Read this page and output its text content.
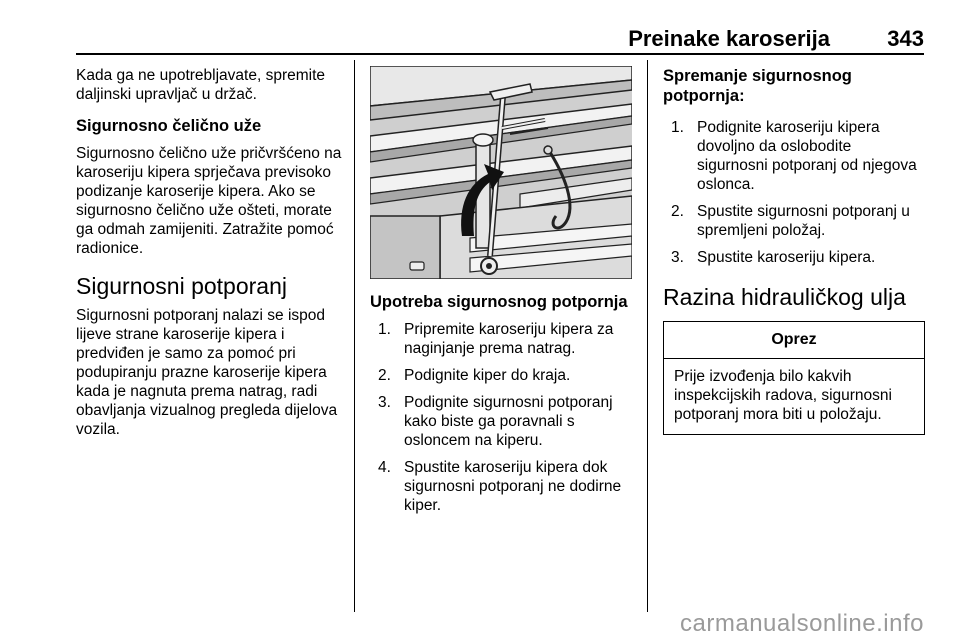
Preinake karoserija	343

Kada ga ne upotrebljavate, spremite daljinski upravljač u držač.

Sigurnosno čelično uže

Sigurnosno čelično uže pričvršćeno na karoseriju kipera sprječava previsoko podizanje karoserije kipera. Ako se sigurnosno čelično uže ošteti, morate ga odmah zamijeniti. Zatražite pomoć radionice.

Sigurnosni potporanj

Sigurnosni potporanj nalazi se ispod lijeve strane karoserije kipera i predviđen je samo za pomoć pri podupiranju prazne karoserije kipera kada je nagnuta prema natrag, radi obavljanja vizualnog pregleda dijelova vozila.

Upotreba sigurnosnog potpornja
1. Pripremite karoseriju kipera za naginjanje prema natrag.
2. Podignite kiper do kraja.
3. Podignite sigurnosni potporanj kako biste ga poravnali s osloncem na kiperu.
4. Spustite karoseriju kipera dok sigurnosni potporanj ne dodirne kiper.
Spremanje sigurnosnog potpornja:
1. Podignite karoseriju kipera dovoljno da oslobodite sigurnosni potporanj od njegova oslonca.
2. Spustite sigurnosni potporanj u spremljeni položaj.
3. Spustite karoseriju kipera.
Razina hidrauličkog ulja
Oprez
Prije izvođenja bilo kakvih inspekcijskih radova, sigurnosni potporanj mora biti u položaju.
carmanualsonline.info
